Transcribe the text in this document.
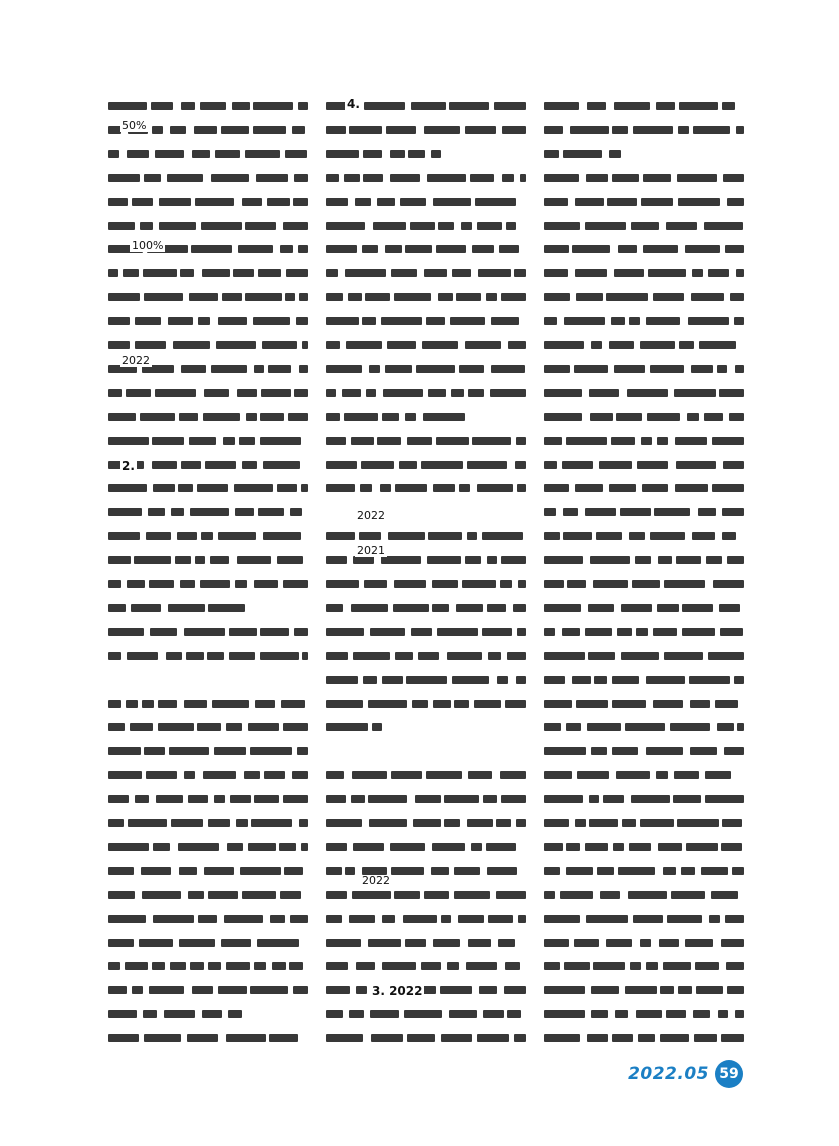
50%
100%
2022
2.
4.
2022
2021
2022
3. 2022
2022.05 59
